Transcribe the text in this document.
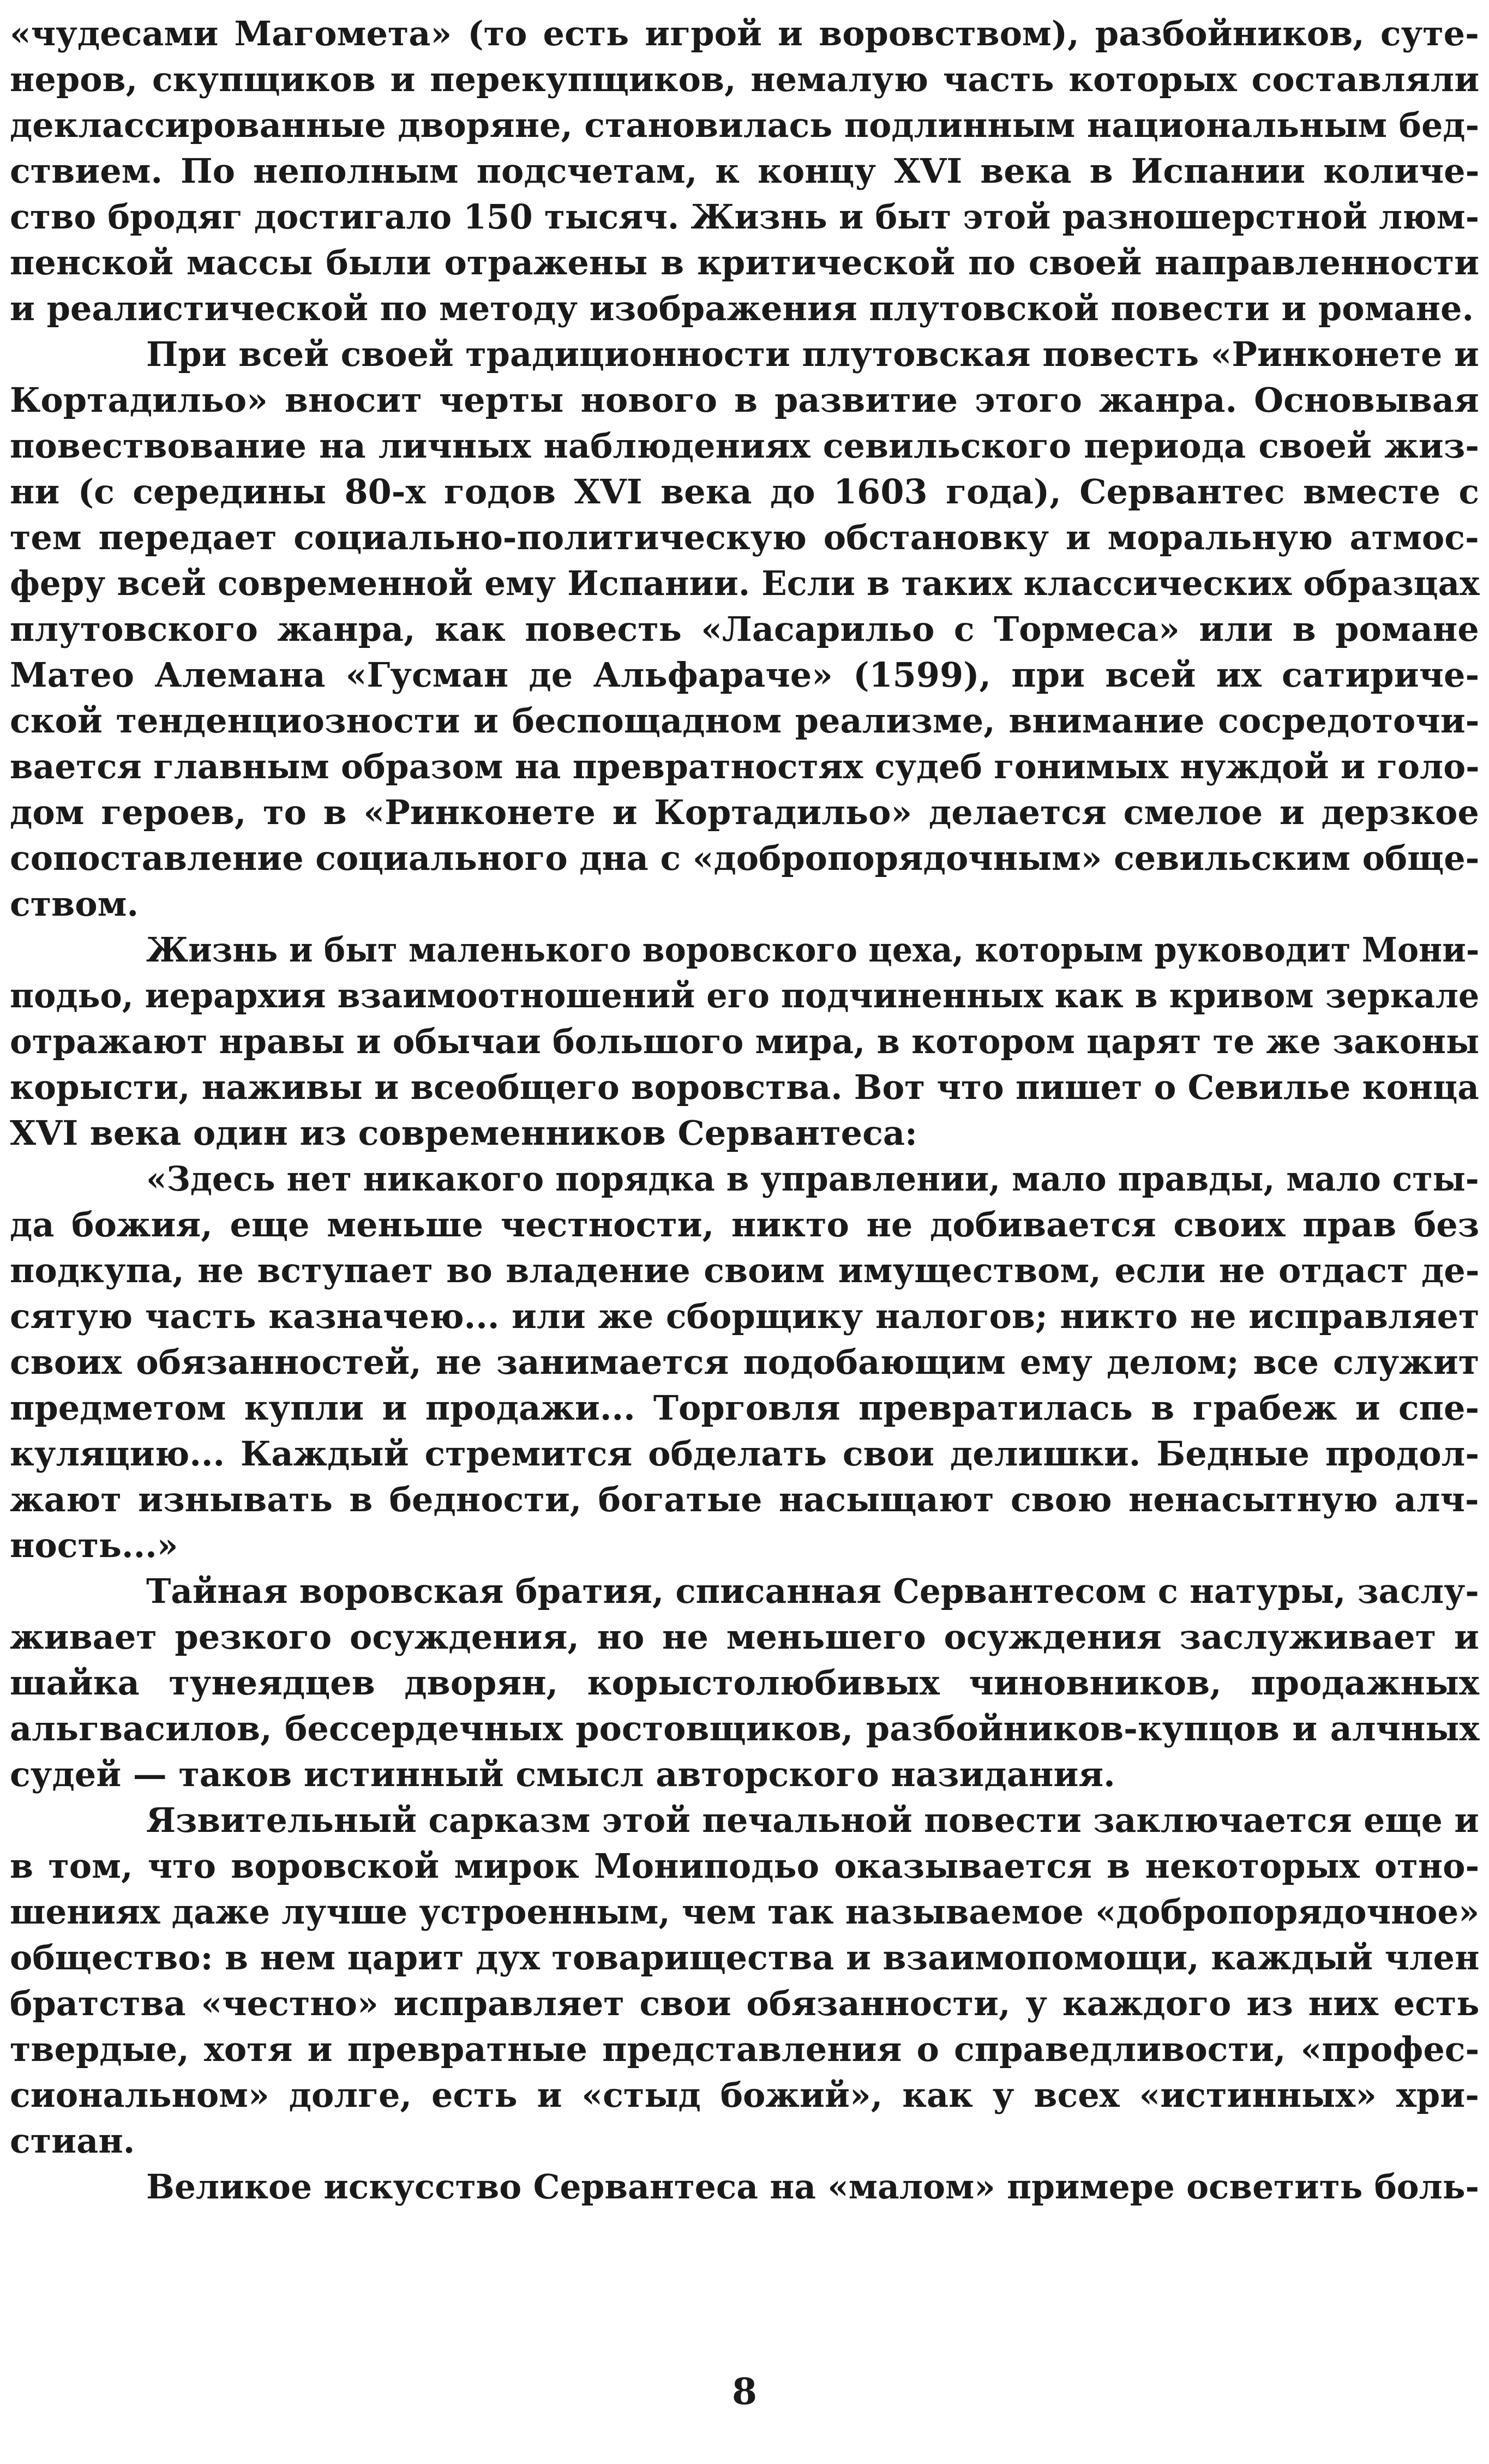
«чудесами Магомета» (то есть игрой и воровством), разбойников, суте-
неров, скупщиков и перекупщиков, немалую часть которых составляли
деклассированные дворяне, становилась подлинным национальным бед-
ствием. По неполным подсчетам, к концу XVI века в Испании количе-
ство бродяг достигало 150 тысяч. Жизнь и быт этой разношерстной люм-
пенской массы были отражены в критической по своей направленности
и реалистической по методу изображения плутовской повести и романе.
При всей своей традиционности плутовская повесть «Ринконете и
Кортадильо» вносит черты нового в развитие этого жанра. Основывая
повествование на личных наблюдениях севильского периода своей жиз-
ни (с середины 80-х годов XVI века до 1603 года), Сервантес вместе с
тем передает социально-политическую обстановку и моральную атмос-
феру всей современной ему Испании. Если в таких классических образцах
плутовского жанра, как повесть «Ласарильо с Тормеса» или в романе
Матео Алемана «Гусман де Альфараче» (1599), при всей их сатириче-
ской тенденциозности и беспощадном реализме, внимание сосредоточи-
вается главным образом на превратностях судеб гонимых нуждой и голо-
дом героев, то в «Ринконете и Кортадильо» делается смелое и дерзкое
сопоставление социального дна с «добропорядочным» севильским обще-
ством.
Жизнь и быт маленького воровского цеха, которым руководит Мони-
подьо, иерархия взаимоотношений его подчиненных как в кривом зеркале
отражают нравы и обычаи большого мира, в котором царят те же законы
корысти, наживы и всеобщего воровства. Вот что пишет о Севилье конца
XVI века один из современников Сервантеса:
«Здесь нет никакого порядка в управлении, мало правды, мало сты-
да божия, еще меньше честности, никто не добивается своих прав без
подкупа, не вступает во владение своим имуществом, если не отдаст де-
сятую часть казначею... или же сборщику налогов; никто не исправляет
своих обязанностей, не занимается подобающим ему делом; все служит
предметом купли и продажи... Торговля превратилась в грабеж и спе-
куляцию... Каждый стремится обделать свои делишки. Бедные продол-
жают изнывать в бедности, богатые насыщают свою ненасытную алч-
ность...»
Тайная воровская братия, списанная Сервантесом с натуры, заслу-
живает резкого осуждения, но не меньшего осуждения заслуживает и
шайка тунеядцев дворян, корыстолюбивых чиновников, продажных
альгвасилов, бессердечных ростовщиков, разбойников-купцов и алчных
судей — таков истинный смысл авторского назидания.
Язвительный сарказм этой печальной повести заключается еще и
в том, что воровской мирок Мониподьо оказывается в некоторых отно-
шениях даже лучше устроенным, чем так называемое «добропорядочное»
общество: в нем царит дух товарищества и взаимопомощи, каждый член
братства «честно» исправляет свои обязанности, у каждого из них есть
твердые, хотя и превратные представления о справедливости, «профес-
сиональном» долге, есть и «стыд божий», как у всех «истинных» хри-
стиан.
Великое искусство Сервантеса на «малом» примере осветить боль-
8
